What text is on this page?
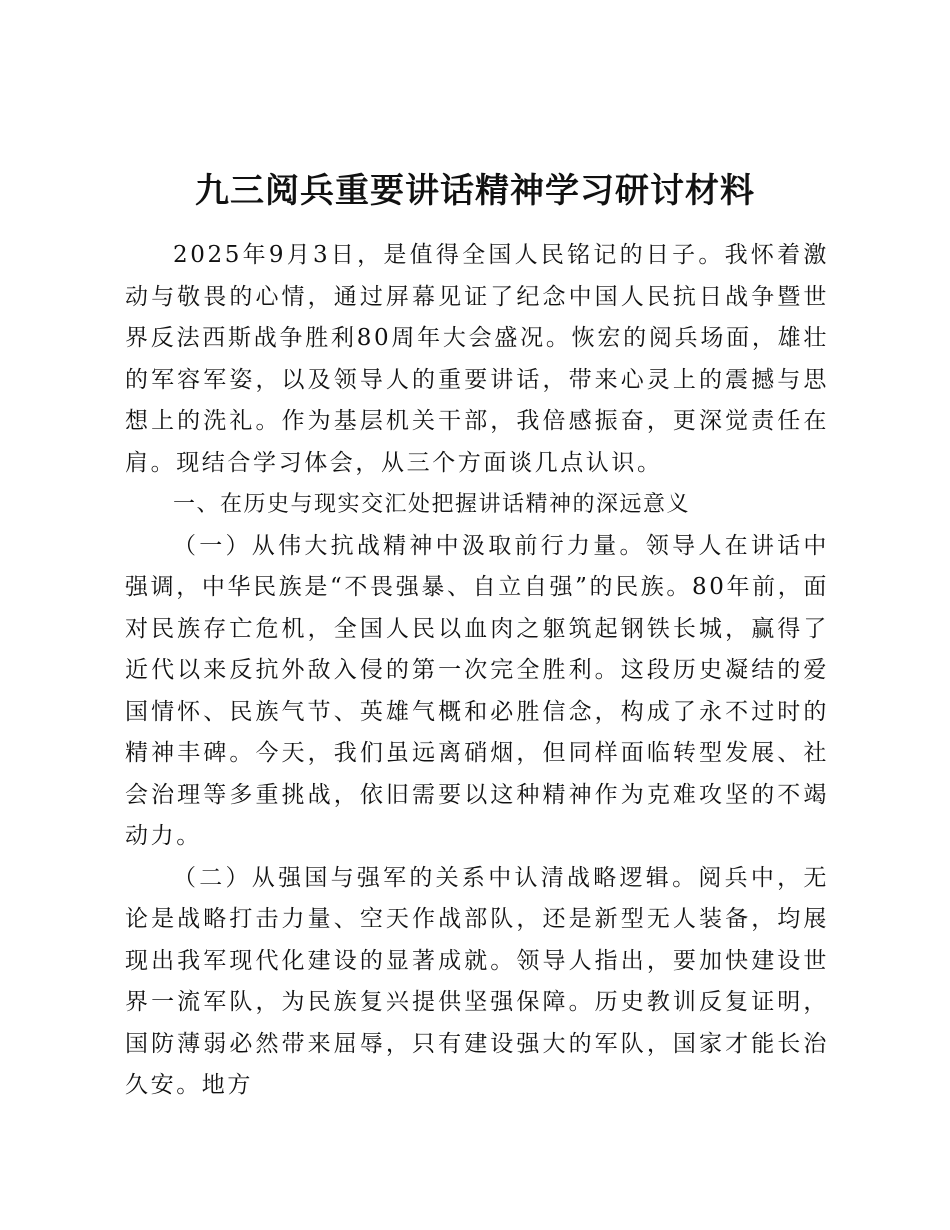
九三阅兵重要讲话精神学习研讨材料

2025年9月3日，是值得全国人民铭记的日子。我怀着激动与敬畏的心情，通过屏幕见证了纪念中国人民抗日战争暨世界反法西斯战争胜利80周年大会盛况。恢宏的阅兵场面，雄壮的军容军姿，以及领导人的重要讲话，带来心灵上的震撼与思想上的洗礼。作为基层机关干部，我倍感振奋，更深觉责任在肩。现结合学习体会，从三个方面谈几点认识。

一、在历史与现实交汇处把握讲话精神的深远意义

（一）从伟大抗战精神中汲取前行力量。领导人在讲话中强调，中华民族是“不畏强暴、自立自强”的民族。80年前，面对民族存亡危机，全国人民以血肉之躯筑起钢铁长城，赢得了近代以来反抗外敌入侵的第一次完全胜利。这段历史凝结的爱国情怀、民族气节、英雄气概和必胜信念，构成了永不过时的精神丰碑。今天，我们虽远离硝烟，但同样面临转型发展、社会治理等多重挑战，依旧需要以这种精神作为克难攻坚的不竭动力。

（二）从强国与强军的关系中认清战略逻辑。阅兵中，无论是战略打击力量、空天作战部队，还是新型无人装备，均展现出我军现代化建设的显著成就。领导人指出，要加快建设世界一流军队，为民族复兴提供坚强保障。历史教训反复证明，国防薄弱必然带来屈辱，只有建设强大的军队，国家才能长治久安。地方
